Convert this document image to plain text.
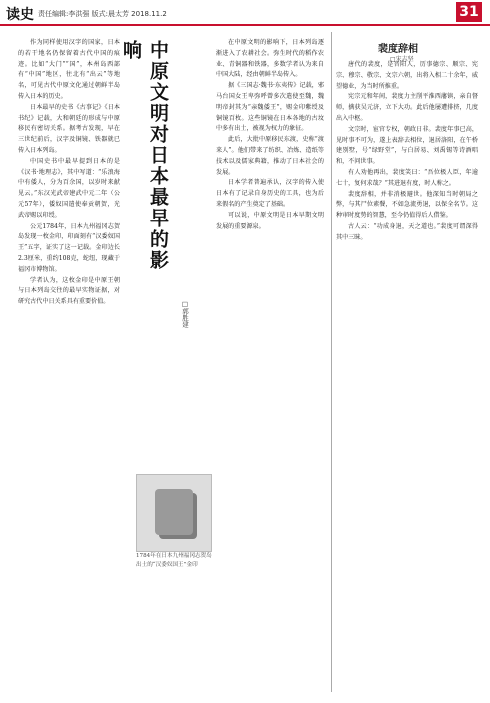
读史 责任编辑:李洪强 版式:晨太芳 2018.11.2	31

作为同样使用汉字的国家，日本的若干地名仍保留着古代中国的痕迹。比如“大门”“国”，本州岛西部有“中国”地区，往北有“出云”等地名，可见古代中原文化通过朝鲜半岛传入日本的历史。

日本最早的史书《古事记》《日本书纪》记载，大和朝廷的形成与中原移民有密切关系。据考古发现，早在三世纪前后，汉字及铜镜、铁器就已传入日本列岛。

中国史书中最早提到日本的是《汉书·地理志》，其中写道：“乐浪海中有倭人，分为百余国，以岁时来献见云。”东汉光武帝建武中元二年（公元57年），倭奴国遣使奉贡朝贺，光武帝赐以印绶。

公元1784年，日本九州福冈志贺岛发现一枚金印，印面刻有“汉委奴国王”五字，证实了这一记载。金印边长2.3厘米，重约108克，蛇纽，现藏于福冈市博物馆。

学者认为，这枚金印是中原王朝与日本列岛交往的最早实物证据，对研究古代中日关系具有重要价值。

中原文明对日本最早的影响
□郭胜建
1784年在日本九州福冈志贺岛出土的“汉委奴国王”金印

在中原文明的影响下，日本列岛逐渐进入了农耕社会。弥生时代的稻作农业、青铜器和铁器，多数学者认为来自中国大陆，经由朝鲜半岛传入。

据《三国志·魏书·东夷传》记载，邪马台国女王卑弥呼曾多次遣使至魏，魏明帝封其为“亲魏倭王”，赐金印紫绶及铜镜百枚。这些铜镜在日本各地的古坟中多有出土，被视为权力的象征。

此后，大批中原移民东渡，史称“渡来人”。他们带来了纺织、冶炼、造纸等技术以及儒家典籍，推动了日本社会的发展。

日本学者普遍承认，汉字的传入使日本有了记录自身历史的工具，也为后来假名的产生奠定了基础。

可以说，中原文明是日本早期文明发展的重要源泉。

裴度辞相
□宋志坚

唐代的裴度，是晋阳人，历事德宗、顺宗、宪宗、穆宗、敬宗、文宗六朝，出将入相二十余年，威望德业，为当时所推重。

宪宗元和年间，裴度力主削平淮西藩镇，亲自督师，擒获吴元济，立下大功。此后他屡遭排挤，几度出入中枢。

文宗时，宦官专权，朝政日非。裴度年事已高，见时事不可为，遂上表辞去相位，退居洛阳，在午桥建别墅，号“绿野堂”，与白居易、刘禹锡等诗酒唱和，不问世事。

有人劝他再出，裴度笑曰：“吾位极人臣，年逾七十，复何求哉？”其进退有度，时人称之。

裴度辞相，并非消极避世。他深知当时朝局之弊，与其尸位素餐，不如急流勇退，以保全名节。这种审时度势的智慧，至今仍值得后人借鉴。

古人云：“功成身退，天之道也。”裴度可谓深得其中三昧。
